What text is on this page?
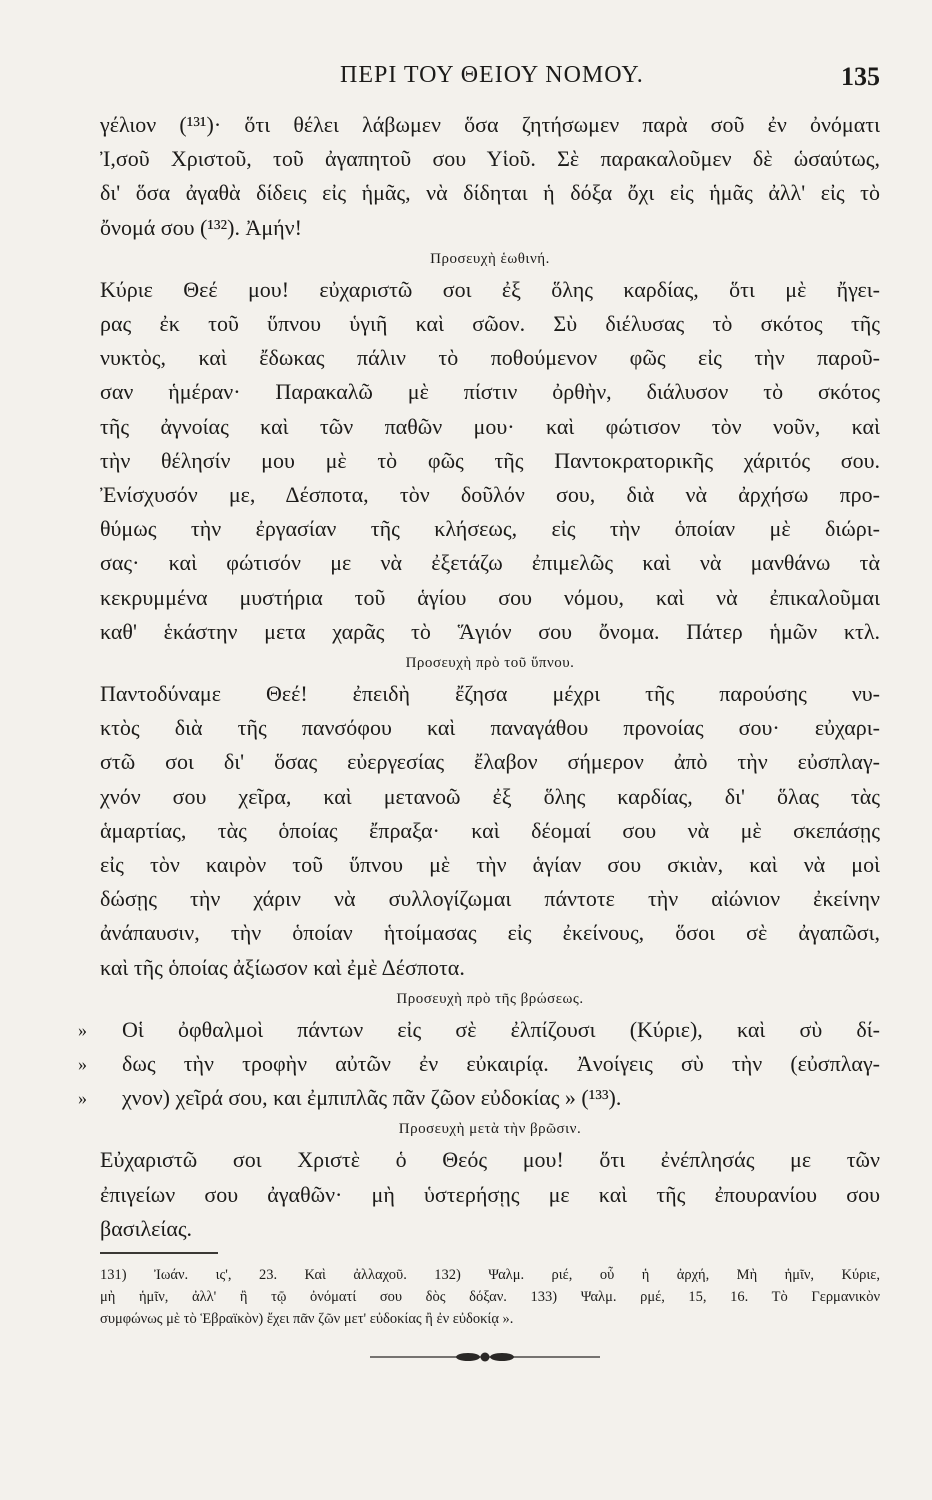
ΠΕΡΙ ΤΟΥ ΘΕΙΟΥ ΝΟΜΟΥ.	135
γέλιον (¹³¹)· ὅτι θέλει λάβωμεν ὅσα ζητήσωμεν παρὰ σοῦ ἐν ὀνόματι
Ἰ,σοῦ Χριστοῦ, τοῦ ἀγαπητοῦ σου Υἱοῦ. Σὲ παρακαλοῦμεν δὲ ὡσαύτως,
δι' ὅσα ἀγαθὰ δίδεις εἰς ἡμᾶς, νὰ δίδηται ἡ δόξα ὄχι εἰς ἡμᾶς ἀλλ' εἰς τὸ
ὄνομά σου (¹³²). Ἀμήν!
Προσευχὴ ἑωθινή.
Κύριε Θεέ μου! εὐχαριστῶ σοι ἐξ ὅλης καρδίας, ὅτι μὲ ἤγει-
ρας ἐκ τοῦ ὕπνου ὑγιῆ καὶ σῶον. Σὺ διέλυσας τὸ σκότος τῆς
νυκτὸς, καὶ ἔδωκας πάλιν τὸ ποθούμενον φῶς εἰς τὴν παροῦ-
σαν ἡμέραν· Παρακαλῶ μὲ πίστιν ὀρθὴν, διάλυσον τὸ σκότος
τῆς ἀγνοίας καὶ τῶν παθῶν μου· καὶ φώτισον τὸν νοῦν, καὶ
τὴν θέλησίν μου μὲ τὸ φῶς τῆς Παντοκρατορικῆς χάριτός σου.
Ἐνίσχυσόν με, Δέσποτα, τὸν δοῦλόν σου, διὰ νὰ ἀρχήσω προ-
θύμως τὴν ἐργασίαν τῆς κλήσεως, εἰς τὴν ὁποίαν μὲ διώρι-
σας· καὶ φώτισόν με νὰ ἐξετάζω ἐπιμελῶς καὶ νὰ μανθάνω τὰ
κεκρυμμένα μυστήρια τοῦ ἁγίου σου νόμου, καὶ νὰ ἐπικαλοῦμαι
καθ' ἑκάστην μετα χαρᾶς τὸ Ἅγιόν σου ὄνομα. Πάτερ ἡμῶν κτλ.
Προσευχὴ πρὸ τοῦ ὕπνου.
Παντοδύναμε Θεέ! ἐπειδὴ ἔζησα μέχρι τῆς παρούσης νυ-
κτὸς διὰ τῆς πανσόφου καὶ παναγάθου προνοίας σου· εὐχαρι-
στῶ σοι δι' ὅσας εὐεργεσίας ἔλαβον σήμερον ἀπὸ τὴν εὐσπλαγ-
χνόν σου χεῖρα, καὶ μετανοῶ ἐξ ὅλης καρδίας, δι' ὅλας τὰς
ἁμαρτίας, τὰς ὁποίας ἔπραξα· καὶ δέομαί σου νὰ μὲ σκεπάσῃς
εἰς τὸν καιρὸν τοῦ ὕπνου μὲ τὴν ἁγίαν σου σκιὰν, καὶ νὰ μοὶ
δώσῃς τὴν χάριν νὰ συλλογίζωμαι πάντοτε τὴν αἰώνιον ἐκείνην
ἀνάπαυσιν, τὴν ὁποίαν ἡτοίμασας εἰς ἐκείνους, ὅσοι σὲ ἀγαπῶσι,
καὶ τῆς ὁποίας ἀξίωσον καὶ ἐμὲ Δέσποτα.
Προσευχὴ πρὸ τῆς βρώσεως.
» Οἱ ὀφθαλμοὶ πάντων εἰς σὲ ἐλπίζουσι (Κύριε), καὶ σὺ δί-
» δως τὴν τροφὴν αὐτῶν ἐν εὐκαιρίᾳ. Ἀνοίγεις σὺ τὴν (εὐσπλαγ-
» χνον) χεῖρά σου, και ἐμπιπλᾶς πᾶν ζῶον εὐδοκίας » (¹³³).
Προσευχὴ μετὰ τὴν βρῶσιν.
Εὐχαριστῶ σοι Χριστὲ ὁ Θεός μου! ὅτι ἐνέπλησάς με τῶν
ἐπιγείων σου ἀγαθῶν· μὴ ὑστερήσῃς με καὶ τῆς ἐπουρανίου σου
βασιλείας.
131) Ἰωάν. ις', 23. Καὶ ἀλλαχοῦ. 132) Ψαλμ. ριέ, οὗ ἡ ἀρχή, Μὴ ἡμῖν, Κύριε,
μὴ ἡμῖν, ἀλλ' ἢ τῷ ὀνόματί σου δὸς δόξαν. 133) Ψαλμ. ρμέ, 15, 16. Τὸ Γερμανικὸν
συμφώνως μὲ τὸ Ἑβραϊκὸν) ἔχει πᾶν ζῶν μετ' εὐδοκίας ἢ ἐν εὐδοκίᾳ ».
